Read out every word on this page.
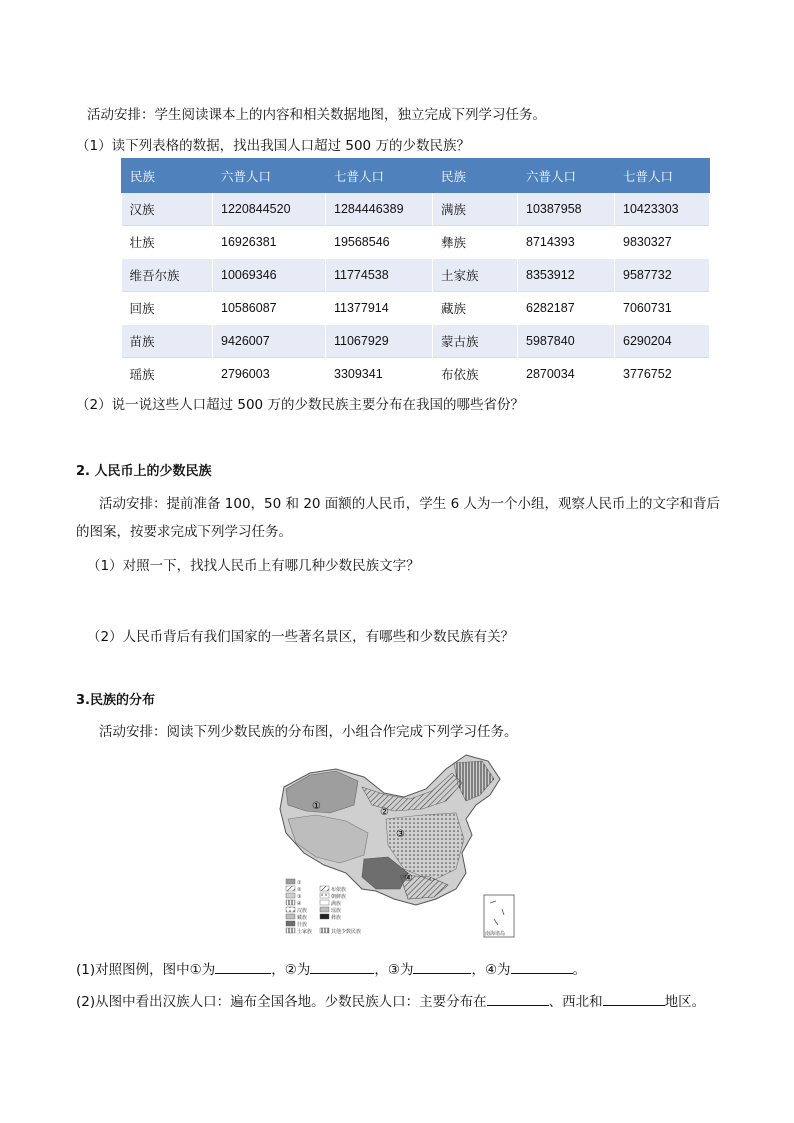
活动安排：学生阅读课本上的内容和相关数据地图，独立完成下列学习任务。
（1）读下列表格的数据，找出我国人口超过 500 万的少数民族？
民族	六普人口	七普人口	民族	六普人口	七普人口
汉族	1220844520	1284446389	满族	10387958	10423303
壮族	16926381	19568546	彝族	8714393	9830327
维吾尔族	10069346	11774538	土家族	8353912	9587732
回族	10586087	11377914	藏族	6282187	7060731
苗族	9426007	11067929	蒙古族	5987840	6290204
瑶族	2796003	3309341	布依族	2870034	3776752
（2）说一说这些人口超过 500 万的少数民族主要分布在我国的哪些省份？
2. 人民币上的少数民族
活动安排：提前准备 100，50 和 20 面额的人民币，学生 6 人为一个小组，观察人民币上的文字和背后
的图案，按要求完成下列学习任务。
（1）对照一下，找找人民币上有哪几种少数民族文字？
（2）人民币背后有我们国家的一些著名景区，有哪些和少数民族有关？
3.民族的分布
活动安排：阅读下列少数民族的分布图，小组合作完成下列学习任务。
①
②
③
④
①
②
③
④
汉族
藏族
壮族
土家族
布依族
朝鲜族
满族
瑶族
彝族
其他少数民族	南海诸岛
(1)对照图例，图中①为	，②为	，③为	，④为	。
(2)从图中看出汉族人口：遍布全国各地。少数民族人口：主要分布在	、西北和	地区。
